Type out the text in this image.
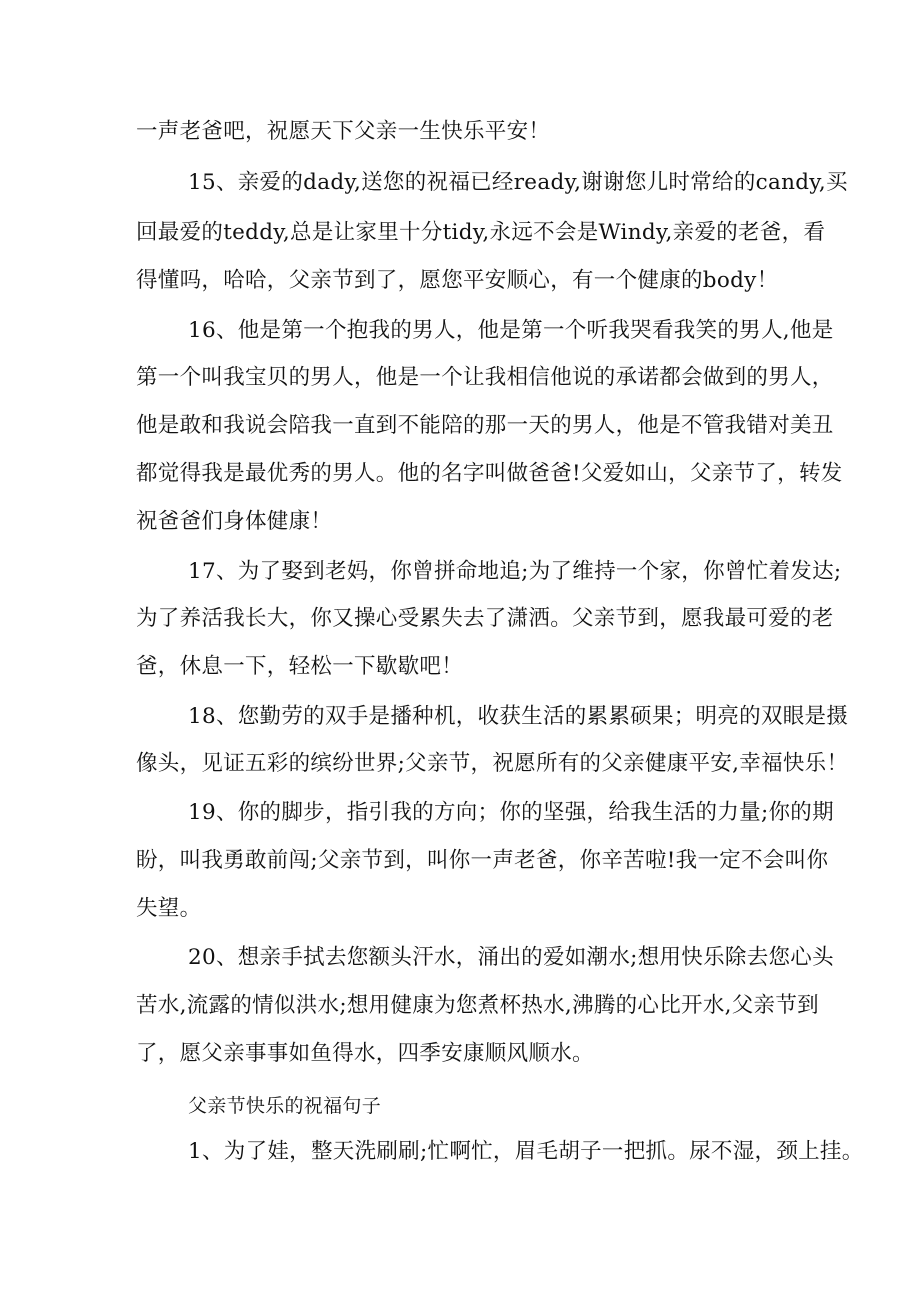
一声老爸吧，祝愿天下父亲一生快乐平安！
15、亲爱的dady,送您的祝福已经ready,谢谢您儿时常给的candy,买
回最爱的teddy,总是让家里十分tidy,永远不会是Windy,亲爱的老爸，看
得懂吗，哈哈，父亲节到了，愿您平安顺心，有一个健康的body！
16、他是第一个抱我的男人，他是第一个听我哭看我笑的男人,他是
第一个叫我宝贝的男人，他是一个让我相信他说的承诺都会做到的男人，
他是敢和我说会陪我一直到不能陪的那一天的男人，他是不管我错对美丑
都觉得我是最优秀的男人。他的名字叫做爸爸!父爱如山，父亲节了，转发
祝爸爸们身体健康！
17、为了娶到老妈，你曾拼命地追;为了维持一个家，你曾忙着发达;
为了养活我长大，你又操心受累失去了潇洒。父亲节到，愿我最可爱的老
爸，休息一下，轻松一下歇歇吧！
18、您勤劳的双手是播种机，收获生活的累累硕果；明亮的双眼是摄
像头，见证五彩的缤纷世界;父亲节，祝愿所有的父亲健康平安,幸福快乐！
19、你的脚步，指引我的方向；你的坚强，给我生活的力量;你的期
盼，叫我勇敢前闯;父亲节到，叫你一声老爸，你辛苦啦!我一定不会叫你
失望。
20、想亲手拭去您额头汗水，涌出的爱如潮水;想用快乐除去您心头
苦水,流露的情似洪水;想用健康为您煮杯热水,沸腾的心比开水,父亲节到
了，愿父亲事事如鱼得水，四季安康顺风顺水。
父亲节快乐的祝福句子
1、为了娃，整天洗刷刷;忙啊忙，眉毛胡子一把抓。尿不湿，颈上挂。
